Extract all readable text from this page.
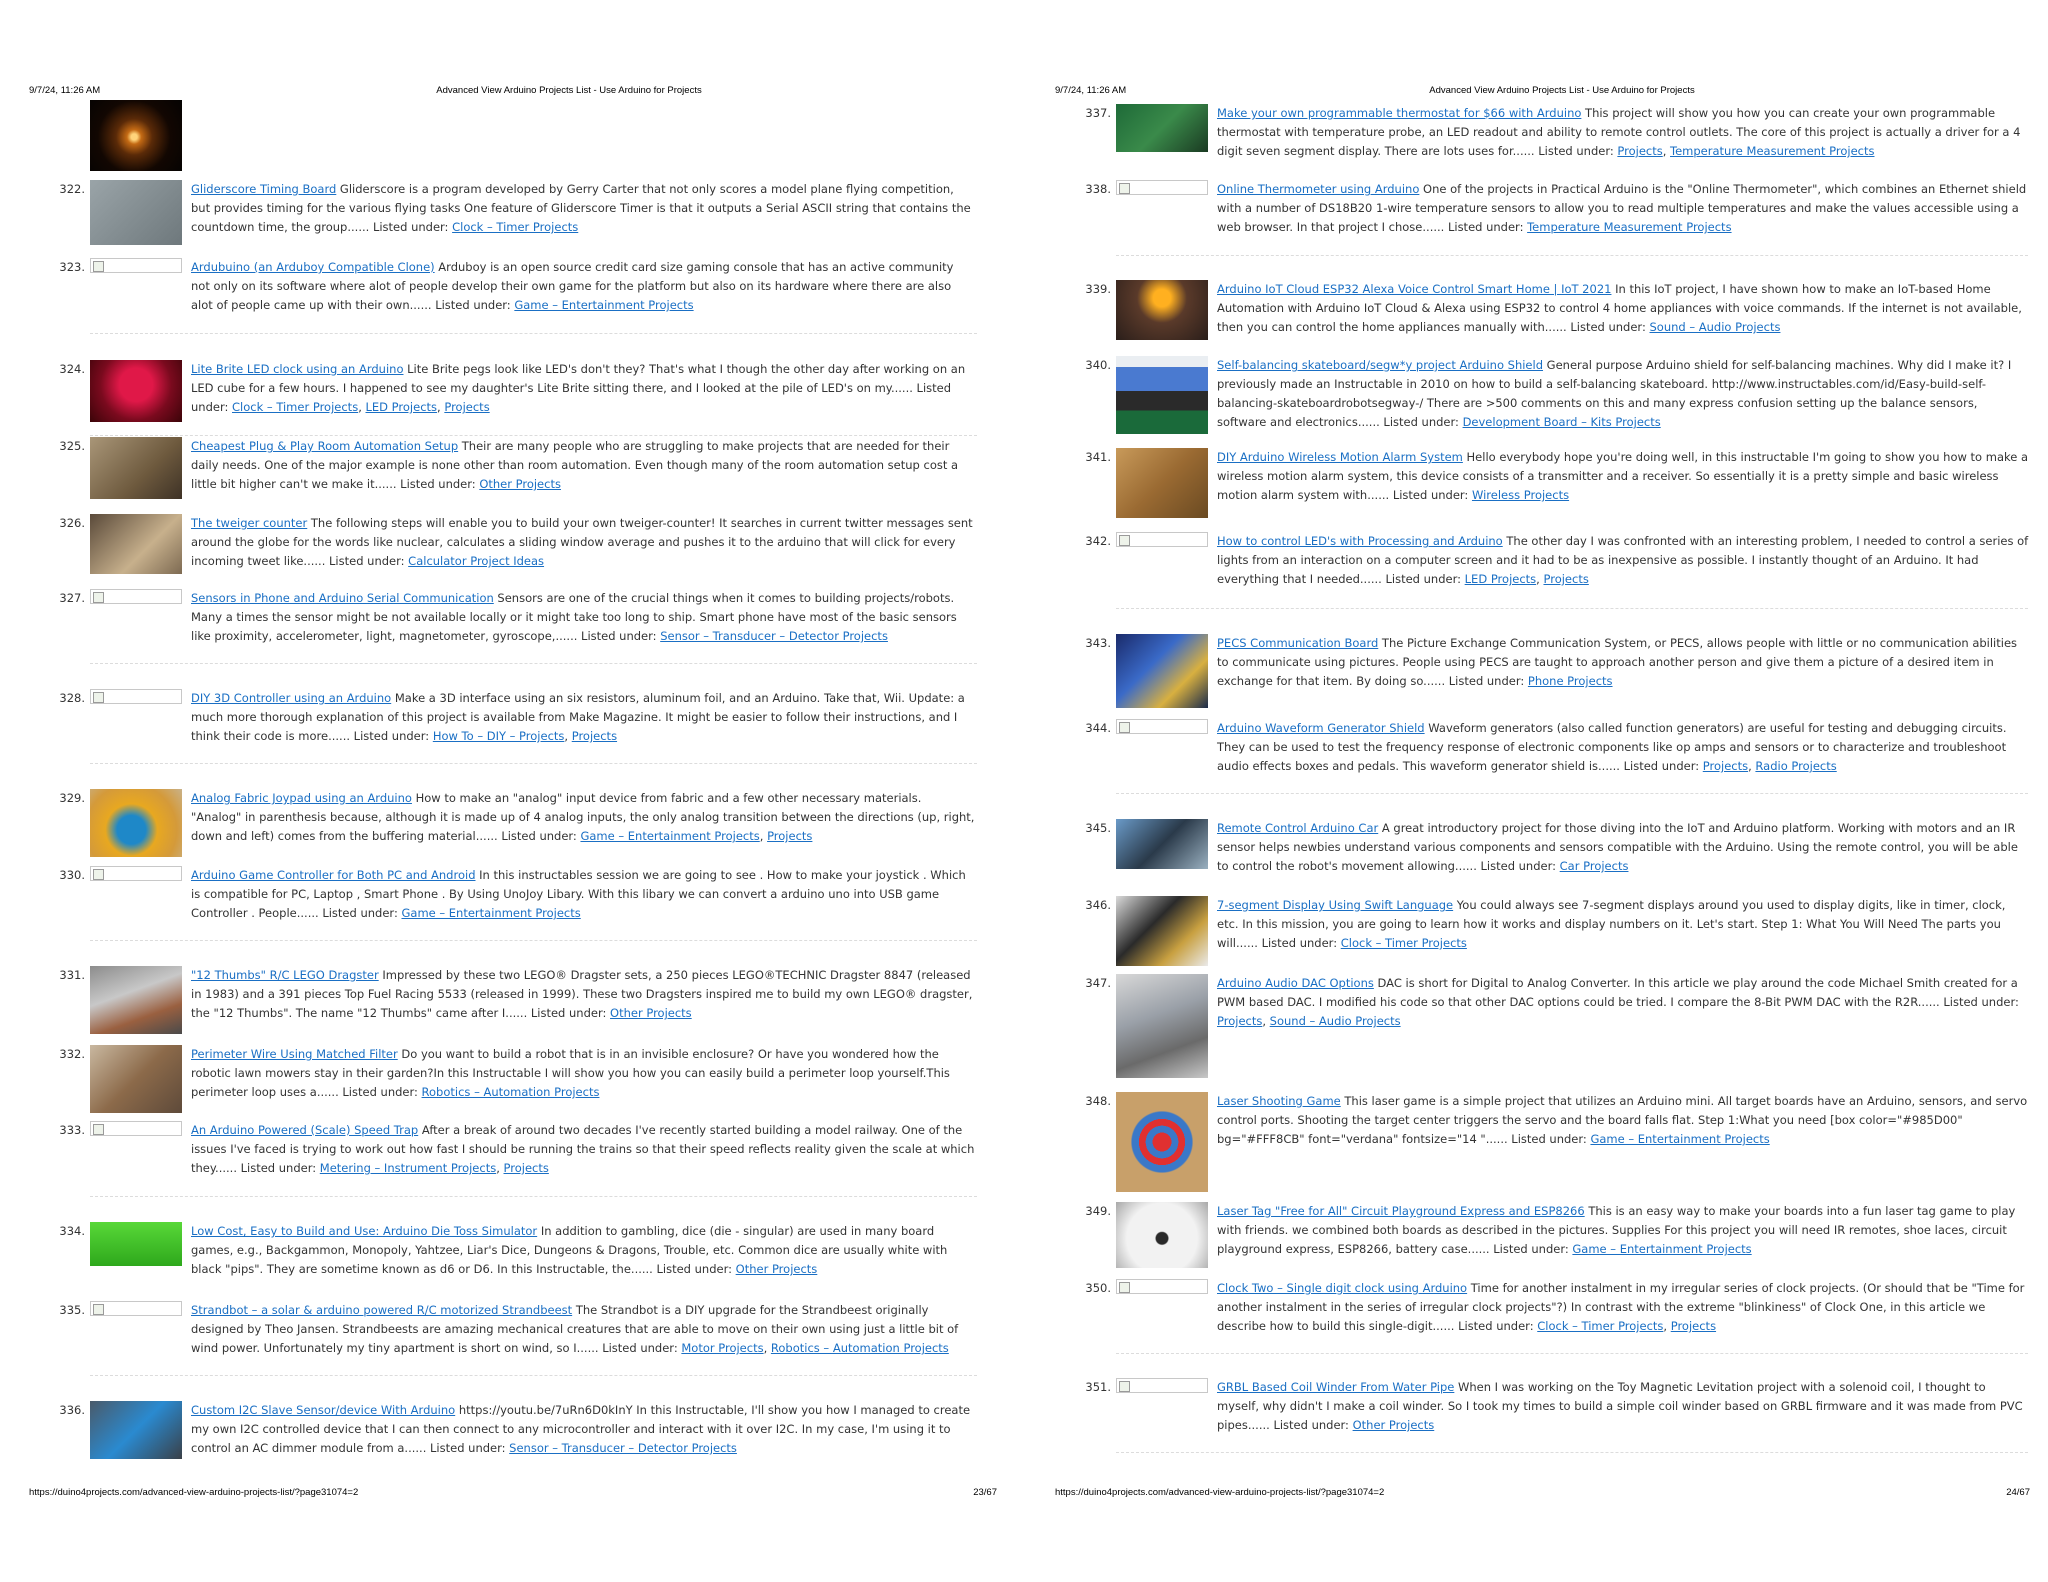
9/7/24, 11:26 AM	Advanced View Arduino Projects List - Use Arduino for Projects
322.	Gliderscore Timing Board Gliderscore is a program developed by Gerry Carter that not only scores a model plane flying competition, but provides timing for the various flying tasks One feature of Gliderscore Timer is that it outputs a Serial ASCII string that contains the countdown time, the group...... Listed under: Clock – Timer Projects
323.	Ardubuino (an Arduboy Compatible Clone) Arduboy is an open source credit card size gaming console that has an active community not only on its software where alot of people develop their own game for the platform but also on its hardware where there are also alot of people came up with their own...... Listed under: Game – Entertainment Projects
324.	Lite Brite LED clock using an Arduino Lite Brite pegs look like LED's don't they? That's what I though the other day after working on an LED cube for a few hours. I happened to see my daughter's Lite Brite sitting there, and I looked at the pile of LED's on my...... Listed under: Clock – Timer Projects, LED Projects, Projects
325.	Cheapest Plug & Play Room Automation Setup Their are many people who are struggling to make projects that are needed for their daily needs. One of the major example is none other than room automation. Even though many of the room automation setup cost a little bit higher can't we make it...... Listed under: Other Projects
326.	The tweiger counter The following steps will enable you to build your own tweiger-counter! It searches in current twitter messages sent around the globe for the words like nuclear, calculates a sliding window average and pushes it to the arduino that will click for every incoming tweet like...... Listed under: Calculator Project Ideas
327.	Sensors in Phone and Arduino Serial Communication Sensors are one of the crucial things when it comes to building projects/robots. Many a times the sensor might be not available locally or it might take too long to ship. Smart phone have most of the basic sensors like proximity, accelerometer, light, magnetometer, gyroscope,...... Listed under: Sensor – Transducer – Detector Projects
328.	DIY 3D Controller using an Arduino Make a 3D interface using an six resistors, aluminum foil, and an Arduino. Take that, Wii. Update: a much more thorough explanation of this project is available from Make Magazine. It might be easier to follow their instructions, and I think their code is more...... Listed under: How To – DIY – Projects, Projects
329.	Analog Fabric Joypad using an Arduino How to make an "analog" input device from fabric and a few other necessary materials. "Analog" in parenthesis because, although it is made up of 4 analog inputs, the only analog transition between the directions (up, right, down and left) comes from the buffering material...... Listed under: Game – Entertainment Projects, Projects
330.	Arduino Game Controller for Both PC and Android In this instructables session we are going to see . How to make your joystick . Which is compatible for PC, Laptop , Smart Phone . By Using UnoJoy Libary. With this libary we can convert a arduino uno into USB game Controller . People...... Listed under: Game – Entertainment Projects
331.	"12 Thumbs" R/C LEGO Dragster Impressed by these two LEGO® Dragster sets, a 250 pieces LEGO®TECHNIC Dragster 8847 (released in 1983) and a 391 pieces Top Fuel Racing 5533 (released in 1999). These two Dragsters inspired me to build my own LEGO® dragster, the "12 Thumbs". The name "12 Thumbs" came after I...... Listed under: Other Projects
332.	Perimeter Wire Using Matched Filter Do you want to build a robot that is in an invisible enclosure? Or have you wondered how the robotic lawn mowers stay in their garden?In this Instructable I will show you how you can easily build a perimeter loop yourself.This perimeter loop uses a...... Listed under: Robotics – Automation Projects
333.	An Arduino Powered (Scale) Speed Trap After a break of around two decades I've recently started building a model railway. One of the issues I've faced is trying to work out how fast I should be running the trains so that their speed reflects reality given the scale at which they...... Listed under: Metering – Instrument Projects, Projects
334.	Low Cost, Easy to Build and Use: Arduino Die Toss Simulator In addition to gambling, dice (die - singular) are used in many board games, e.g., Backgammon, Monopoly, Yahtzee, Liar's Dice, Dungeons & Dragons, Trouble, etc. Common dice are usually white with black "pips". They are sometime known as d6 or D6. In this Instructable, the...... Listed under: Other Projects
335.	Strandbot – a solar & arduino powered R/C motorized Strandbeest The Strandbot is a DIY upgrade for the Strandbeest originally designed by Theo Jansen. Strandbeests are amazing mechanical creatures that are able to move on their own using just a little bit of wind power. Unfortunately my tiny apartment is short on wind, so I...... Listed under: Motor Projects, Robotics – Automation Projects
336.	Custom I2C Slave Sensor/device With Arduino https://youtu.be/7uRn6D0kInY In this Instructable, I'll show you how I managed to create my own I2C controlled device that I can then connect to any microcontroller and interact with it over I2C. In my case, I'm using it to control an AC dimmer module from a...... Listed under: Sensor – Transducer – Detector Projects
https://duino4projects.com/advanced-view-arduino-projects-list/?page31074=2	23/67
9/7/24, 11:26 AM	Advanced View Arduino Projects List - Use Arduino for Projects
337.	Make your own programmable thermostat for $66 with Arduino This project will show you how you can create your own programmable thermostat with temperature probe, an LED readout and ability to remote control outlets. The core of this project is actually a driver for a 4 digit seven segment display. There are lots uses for...... Listed under: Projects, Temperature Measurement Projects
338.	Online Thermometer using Arduino One of the projects in Practical Arduino is the "Online Thermometer", which combines an Ethernet shield with a number of DS18B20 1-wire temperature sensors to allow you to read multiple temperatures and make the values accessible using a web browser. In that project I chose...... Listed under: Temperature Measurement Projects
339.	Arduino IoT Cloud ESP32 Alexa Voice Control Smart Home | IoT 2021 In this IoT project, I have shown how to make an IoT-based Home Automation with Arduino IoT Cloud & Alexa using ESP32 to control 4 home appliances with voice commands. If the internet is not available, then you can control the home appliances manually with...... Listed under: Sound – Audio Projects
340.	Self-balancing skateboard/segw*y project Arduino Shield General purpose Arduino shield for self-balancing machines. Why did I make it? I previously made an Instructable in 2010 on how to build a self-balancing skateboard. http://www.instructables.com/id/Easy-build-self-balancing-skateboardrobotsegway-/ There are >500 comments on this and many express confusion setting up the balance sensors, software and electronics...... Listed under: Development Board – Kits Projects
341.	DIY Arduino Wireless Motion Alarm System Hello everybody hope you're doing well, in this instructable I'm going to show you how to make a wireless motion alarm system, this device consists of a transmitter and a receiver. So essentially it is a pretty simple and basic wireless motion alarm system with...... Listed under: Wireless Projects
342.	How to control LED's with Processing and Arduino The other day I was confronted with an interesting problem, I needed to control a series of lights from an interaction on a computer screen and it had to be as inexpensive as possible. I instantly thought of an Arduino. It had everything that I needed...... Listed under: LED Projects, Projects
343.	PECS Communication Board The Picture Exchange Communication System, or PECS, allows people with little or no communication abilities to communicate using pictures. People using PECS are taught to approach another person and give them a picture of a desired item in exchange for that item. By doing so...... Listed under: Phone Projects
344.	Arduino Waveform Generator Shield Waveform generators (also called function generators) are useful for testing and debugging circuits. They can be used to test the frequency response of electronic components like op amps and sensors or to characterize and troubleshoot audio effects boxes and pedals. This waveform generator shield is...... Listed under: Projects, Radio Projects
345.	Remote Control Arduino Car A great introductory project for those diving into the IoT and Arduino platform. Working with motors and an IR sensor helps newbies understand various components and sensors compatible with the Arduino. Using the remote control, you will be able to control the robot's movement allowing...... Listed under: Car Projects
346.	7-segment Display Using Swift Language You could always see 7-segment displays around you used to display digits, like in timer, clock, etc. In this mission, you are going to learn how it works and display numbers on it. Let's start. Step 1: What You Will Need The parts you will...... Listed under: Clock – Timer Projects
347.	Arduino Audio DAC Options DAC is short for Digital to Analog Converter. In this article we play around the code Michael Smith created for a PWM based DAC. I modified his code so that other DAC options could be tried. I compare the 8-Bit PWM DAC with the R2R...... Listed under: Projects, Sound – Audio Projects
348.	Laser Shooting Game This laser game is a simple project that utilizes an Arduino mini. All target boards have an Arduino, sensors, and servo control ports. Shooting the target center triggers the servo and the board falls flat. Step 1:What you need [box color="#985D00" bg="#FFF8CB" font="verdana" fontsize="14 "...... Listed under: Game – Entertainment Projects
349.	Laser Tag "Free for All" Circuit Playground Express and ESP8266 This is an easy way to make your boards into a fun laser tag game to play with friends. we combined both boards as described in the pictures. Supplies For this project you will need IR remotes, shoe laces, circuit playground express, ESP8266, battery case...... Listed under: Game – Entertainment Projects
350.	Clock Two – Single digit clock using Arduino Time for another instalment in my irregular series of clock projects. (Or should that be "Time for another instalment in the series of irregular clock projects"?) In contrast with the extreme "blinkiness" of Clock One, in this article we describe how to build this single-digit...... Listed under: Clock – Timer Projects, Projects
351.	GRBL Based Coil Winder From Water Pipe When I was working on the Toy Magnetic Levitation project with a solenoid coil, I thought to myself, why didn't I make a coil winder. So I took my times to build a simple coil winder based on GRBL firmware and it was made from PVC pipes...... Listed under: Other Projects
https://duino4projects.com/advanced-view-arduino-projects-list/?page31074=2	24/67
